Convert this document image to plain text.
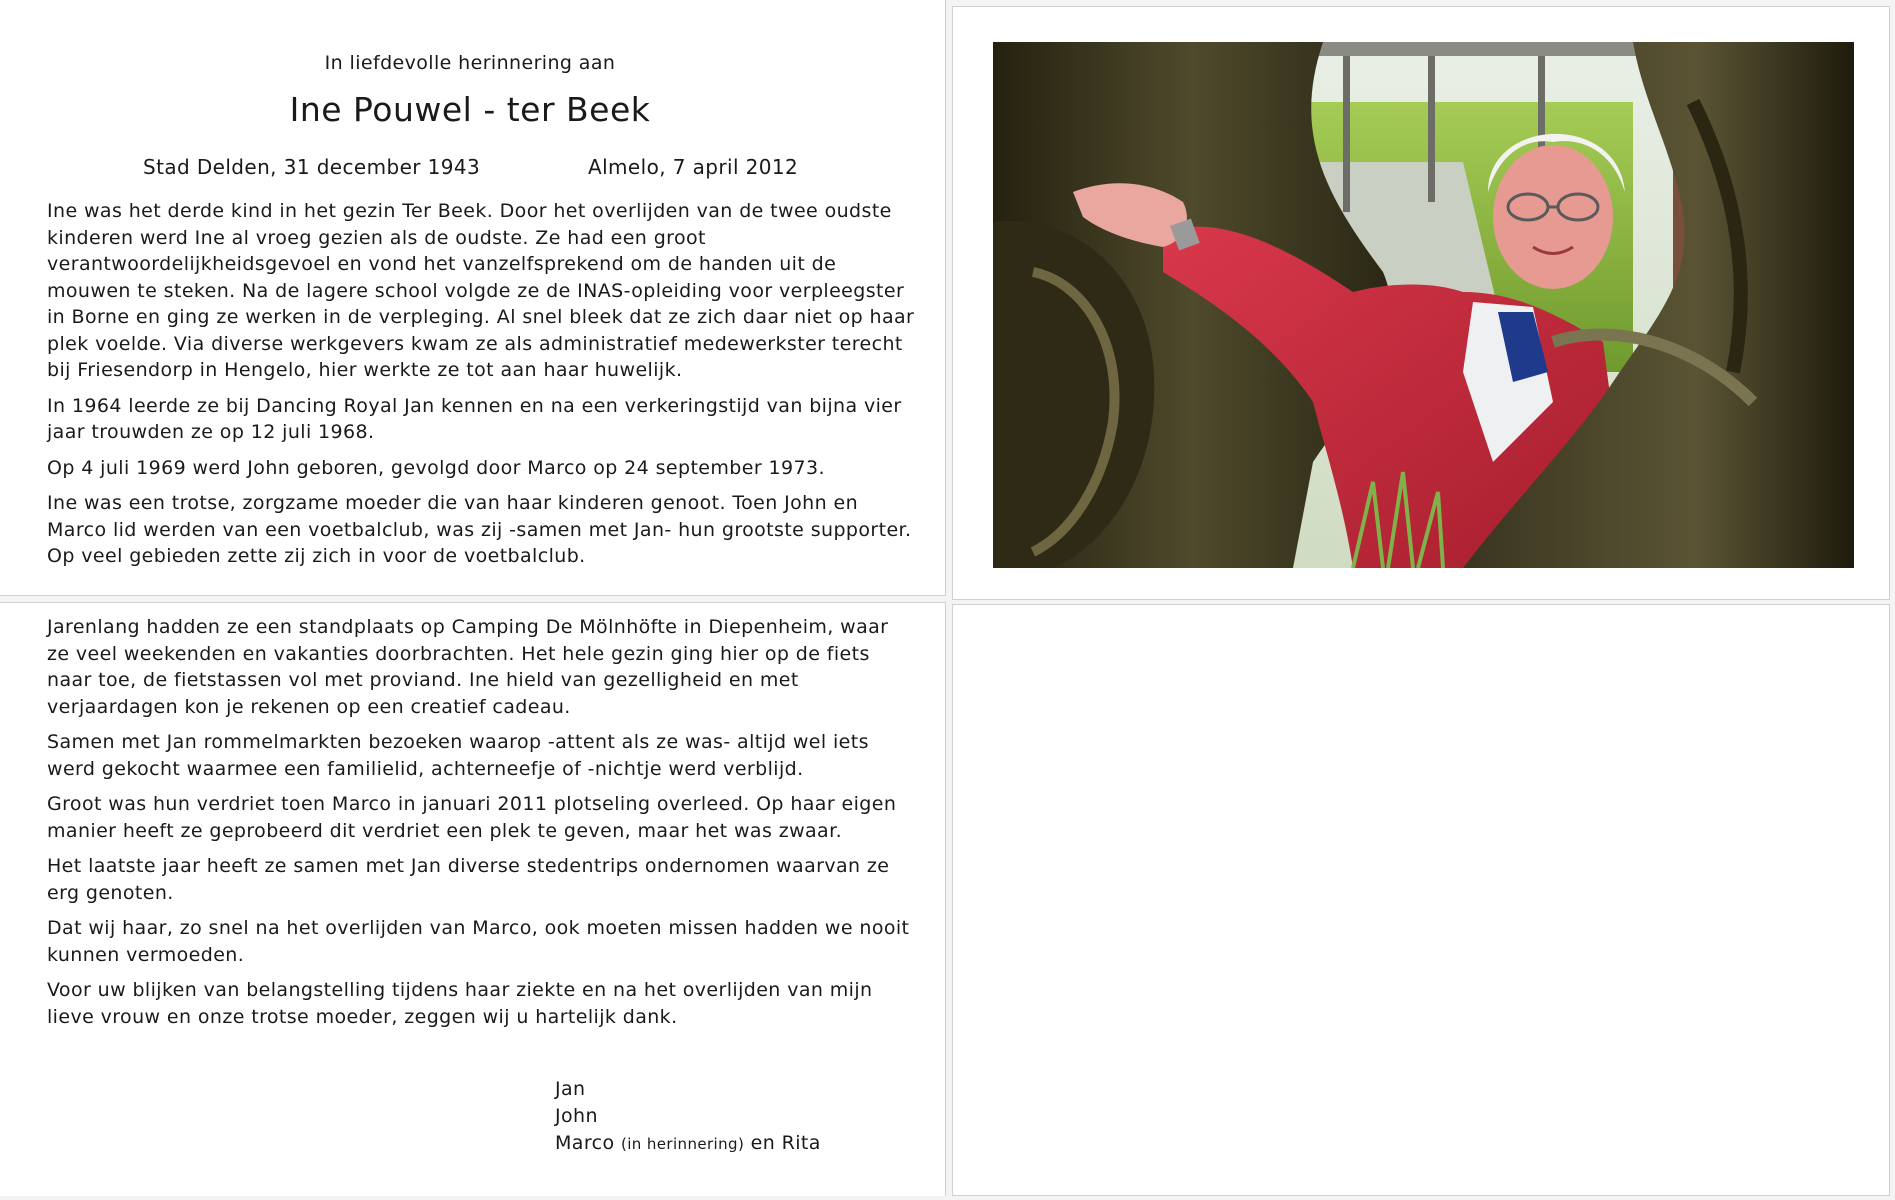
In liefdevolle herinnering aan
Ine Pouwel - ter Beek
Stad Delden, 31 december 1943	Almelo, 7 april 2012

Ine was het derde kind in het gezin Ter Beek. Door het overlijden van de twee oudste kinderen werd Ine al vroeg gezien als de oudste. Ze had een groot verantwoordelijkheidsgevoel en vond het vanzelfsprekend om de handen uit de mouwen te steken. Na de lagere school volgde ze de INAS-opleiding voor verpleegster in Borne en ging ze werken in de verpleging. Al snel bleek dat ze zich daar niet op haar plek voelde. Via diverse werkgevers kwam ze als administratief medewerkster terecht bij Friesendorp in Hengelo, hier werkte ze tot aan haar huwelijk.

In 1964 leerde ze bij Dancing Royal Jan kennen en na een verkeringstijd van bijna vier jaar trouwden ze op 12 juli 1968.

Op 4 juli 1969 werd John geboren, gevolgd door Marco op 24 september 1973.

Ine was een trotse, zorgzame moeder die van haar kinderen genoot. Toen John en Marco lid werden van een voetbalclub, was zij -samen met Jan- hun grootste supporter. Op veel gebieden zette zij zich in voor de voetbalclub.

Jarenlang hadden ze een standplaats op Camping De Mölnhöfte in Diepenheim, waar ze veel weekenden en vakanties doorbrachten. Het hele gezin ging hier op de fiets naar toe, de fietstassen vol met proviand. Ine hield van gezelligheid en met verjaardagen kon je rekenen op een creatief cadeau.

Samen met Jan rommelmarkten bezoeken waarop -attent als ze was- altijd wel iets werd gekocht waarmee een familielid, achterneefje of -nichtje werd verblijd.

Groot was hun verdriet toen Marco in januari 2011 plotseling overleed. Op haar eigen manier heeft ze geprobeerd dit verdriet een plek te geven, maar het was zwaar.

Het laatste jaar heeft ze samen met Jan diverse stedentrips ondernomen waarvan ze erg genoten.

Dat wij haar, zo snel na het overlijden van Marco, ook moeten missen hadden we nooit kunnen vermoeden.

Voor uw blijken van belangstelling tijdens haar ziekte en na het overlijden van mijn lieve vrouw en onze trotse moeder, zeggen wij u hartelijk dank.

Jan
John
Marco (in herinnering) en Rita
